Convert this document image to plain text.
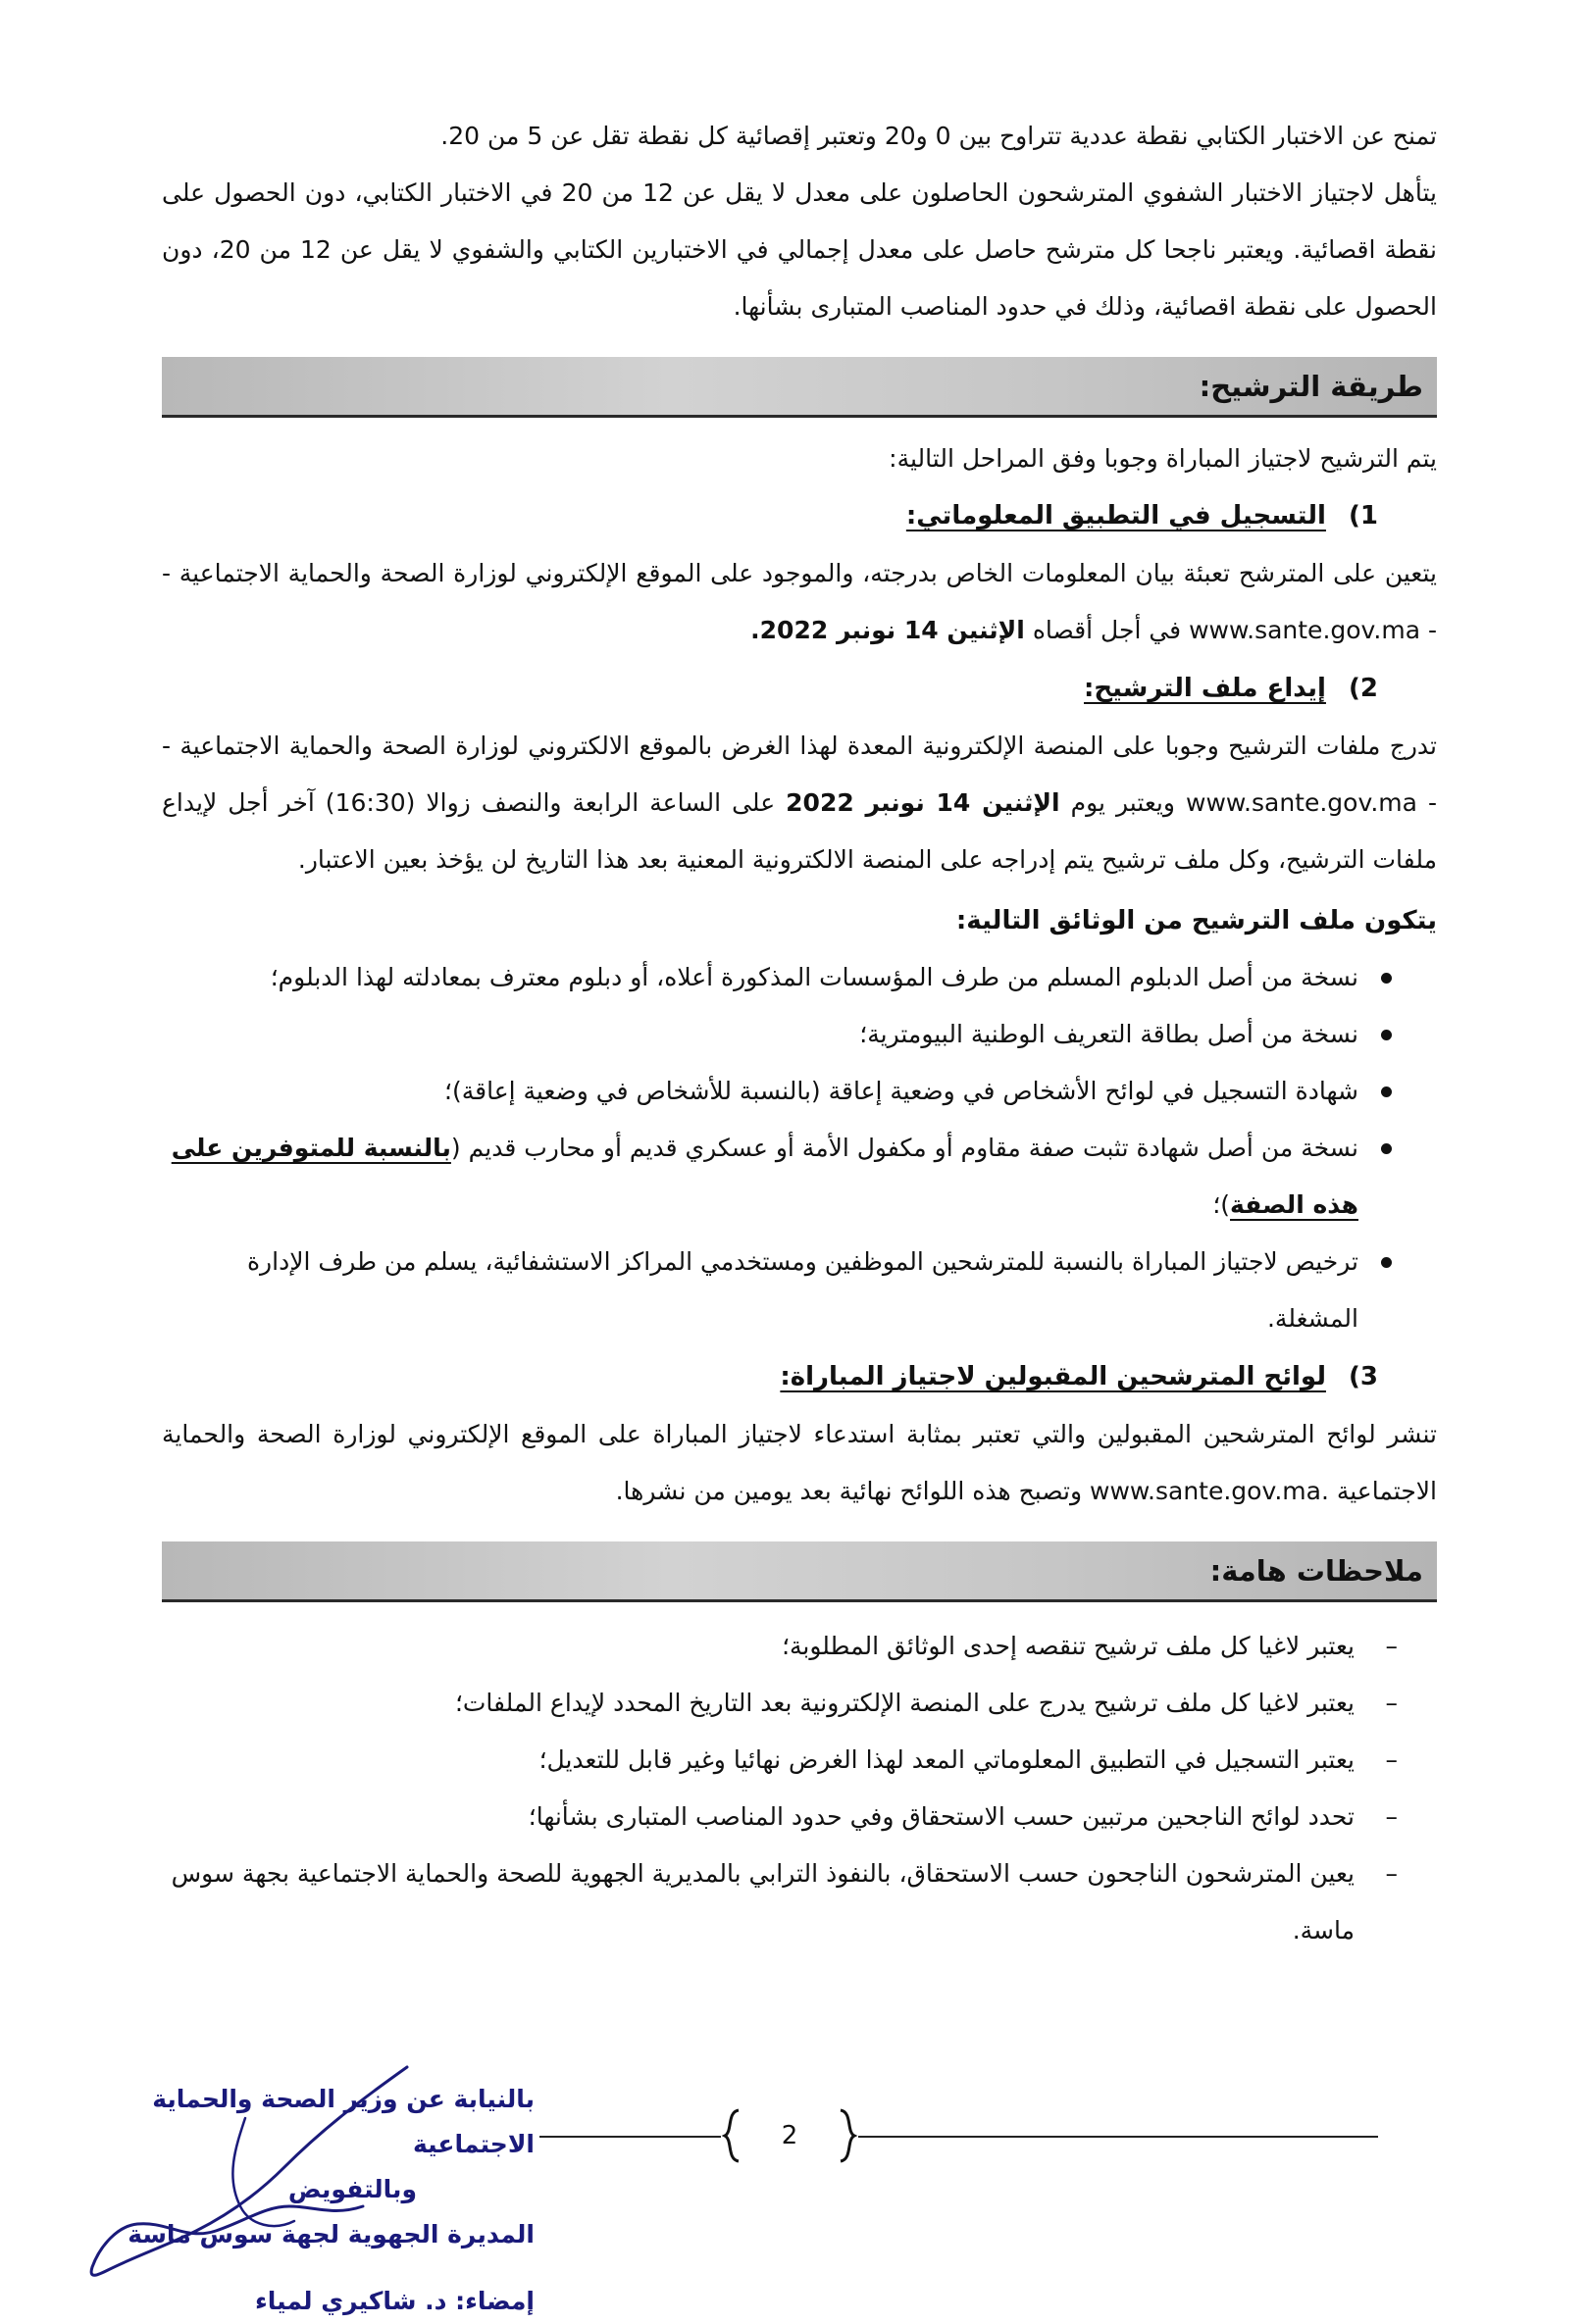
تمنح عن الاختبار الكتابي نقطة عددية تتراوح بين 0 و20 وتعتبر إقصائية كل نقطة تقل عن 5 من 20.

يتأهل لاجتياز الاختبار الشفوي المترشحون الحاصلون على معدل لا يقل عن 12 من 20 في الاختبار الكتابي، دون الحصول على نقطة اقصائية. ويعتبر ناجحا كل مترشح حاصل على معدل إجمالي في الاختبارين الكتابي والشفوي لا يقل عن 12 من 20، دون الحصول على نقطة اقصائية، وذلك في حدود المناصب المتبارى بشأنها.

طريقة الترشيح:

يتم الترشيح لاجتياز المباراة وجوبا وفق المراحل التالية:

1) التسجيل في التطبيق المعلوماتي:

يتعين على المترشح تعبئة بيان المعلومات الخاص بدرجته، والموجود على الموقع الإلكتروني لوزارة الصحة والحماية الاجتماعية - www.sante.gov.ma - في أجل أقصاه الإثنين 14 نونبر 2022.

2) إيداع ملف الترشيح:

تدرج ملفات الترشيح وجوبا على المنصة الإلكترونية المعدة لهذا الغرض بالموقع الالكتروني لوزارة الصحة والحماية الاجتماعية -www.sante.gov.ma - ويعتبر يوم الإثنين 14 نونبر 2022 على الساعة الرابعة والنصف زوالا (16:30) آخر أجل لإيداع ملفات الترشيح، وكل ملف ترشيح يتم إدراجه على المنصة الالكترونية المعنية بعد هذا التاريخ لن يؤخذ بعين الاعتبار.

يتكون ملف الترشيح من الوثائق التالية:
نسخة من أصل الدبلوم المسلم من طرف المؤسسات المذكورة أعلاه، أو دبلوم معترف بمعادلته لهذا الدبلوم؛
نسخة من أصل بطاقة التعريف الوطنية البيومترية؛
شهادة التسجيل في لوائح الأشخاص في وضعية إعاقة (بالنسبة للأشخاص في وضعية إعاقة)؛
نسخة من أصل شهادة تثبت صفة مقاوم أو مكفول الأمة أو عسكري قديم أو محارب قديم (بالنسبة للمتوفرين على هذه الصفة)؛
ترخيص لاجتياز المباراة بالنسبة للمترشحين الموظفين ومستخدمي المراكز الاستشفائية، يسلم من طرف الإدارة المشغلة.
3) لوائح المترشحين المقبولين لاجتياز المباراة:

تنشر لوائح المترشحين المقبولين والتي تعتبر بمثابة استدعاء لاجتياز المباراة على الموقع الإلكتروني لوزارة الصحة والحماية الاجتماعية www.sante.gov.ma. وتصبح هذه اللوائح نهائية بعد يومين من نشرها.

ملاحظات هامة:
– يعتبر لاغيا كل ملف ترشيح تنقصه إحدى الوثائق المطلوبة؛
– يعتبر لاغيا كل ملف ترشيح يدرج على المنصة الإلكترونية بعد التاريخ المحدد لإيداع الملفات؛
– يعتبر التسجيل في التطبيق المعلوماتي المعد لهذا الغرض نهائيا وغير قابل للتعديل؛
– تحدد لوائح الناجحين مرتبين حسب الاستحقاق وفي حدود المناصب المتبارى بشأنها؛
– يعين المترشحون الناجحون حسب الاستحقاق، بالنفوذ الترابي بالمديرية الجهوية للصحة والحماية الاجتماعية بجهة سوس ماسة.
بالنيابة عن وزير الصحة والحماية الاجتماعية
وبالتفويض
المديرة الجهوية لجهة سوس ماسة
إمضاء: د. شاكيري لمياء
2
